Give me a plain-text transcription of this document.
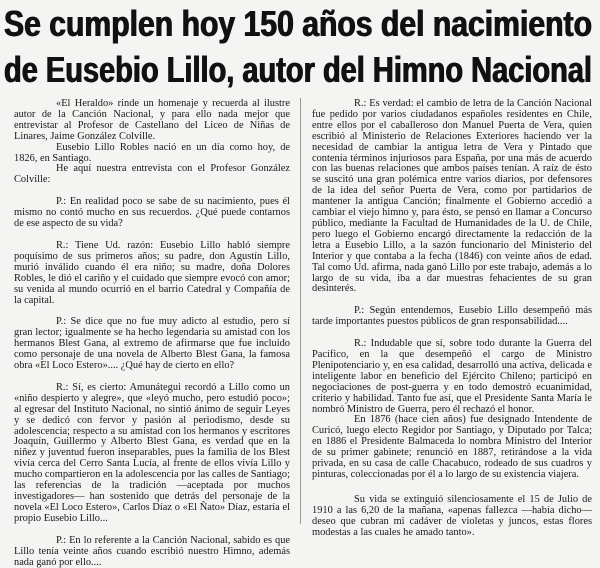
Se cumplen hoy 150 años del nacimiento
de Eusebio Lillo, autor del Himno Nacional

«El Heraldo» rinde un homenaje y recuerda al ilustre autor de la Canción Nacional, y para ello nada mejor que entrevistar al Profesor de Castellano del Liceo de Niñas de Linares, Jaime González Colville.

Eusebio Lillo Robles nació en un día como hoy, de 1826, en Santiago.

He aquí nuestra entrevista con el Profesor González Colville:

P.: En realidad poco se sabe de su nacimiento, pues él mismo no contó mucho en sus recuerdos. ¿Qué puede contarnos de ese aspecto de su vida?

R.: Tiene Ud. razón: Eusebio Lillo habló siempre poquísimo de sus primeros años; su padre, don Agustín Lillo, murió inválido cuando él era niño; su madre, doña Dolores Robles, le dió el cariño y el cuidado que siempre evocó con amor; su venida al mundo ocurrió en el barrio Catedral y Compañía de la capital.

P.: Se dice que no fue muy adicto al estudio, pero sí gran lector; igualmente se ha hecho legendaria su amistad con los hermanos Blest Gana, al extremo de afirmarse que fue incluido como personaje de una novela de Alberto Blest Gana, la famosa obra «El Loco Estero».... ¿Qué hay de cierto en ello?

R.: Sí, es cierto: Amunátegui recordó a Lillo como un «niño despierto y alegre», que «leyó mucho, pero estudió poco»; al egresar del Instituto Nacional, no sintió ánimo de seguir Leyes y se dedicó con fervor y pasión al periodismo, desde su adolescencia; respecto a su amistad con los hermanos y escritores Joaquín, Guillermo y Alberto Blest Gana, es verdad que en la niñez y juventud fueron inseparables, pues la familia de los Blest vivía cerca del Cerro Santa Lucía, al frente de ellos vivía Lillo y mucho compartieron en la adolescencia por las calles de Santiago; las referencias de la tradición —aceptada por muchos investigadores— han sostenido que detrás del personaje de la novela «El Loco Estero», Carlos Díaz o «El Ñato» Díaz, estaría el propio Eusebio Lillo...

P.: En lo referente a la Canción Nacional, sabido es que Lillo tenía veinte años cuando escribió nuestro Himno, además nada ganó por ello....

R.: Es verdad: el cambio de letra de la Canción Nacional fue pedido por varios ciudadanos españoles residentes en Chile, entre ellos por el caballeroso don Manuel Puerta de Vera, quien escribió al Ministerio de Relaciones Exteriores haciendo ver la necesidad de cambiar la antigua letra de Vera y Pintado que contenía términos injuriosos para España, por una más de acuerdo con las buenas relaciones que ambos países tenían. A raíz de ésto se suscitó una gran polémica entre varios diarios, por defensores de la idea del señor Puerta de Vera, como por partidarios de mantener la antigua Canción; finalmente el Gobierno accedió a cambiar el viejo himno y, para ésto, se pensó en llamar a Concurso público, mediante la Facultad de Humanidades de la U. de Chile, pero luego el Gobierno encargó directamente la redacción de la letra a Eusebio Lillo, a la sazón funcionario del Ministerio del Interior y que contaba a la fecha (1846) con veinte años de edad. Tal como Ud. afirma, nada ganó Lillo por este trabajo, además a lo largo de su vida, iba a dar muestras fehacientes de su gran desinterés.

P.: Según entendemos, Eusebio Lillo desempeñó más tarde importantes puestos públicos de gran responsabilidad....

R.: Indudable que sí, sobre todo durante la Guerra del Pacífico, en la que desempeñó el cargo de Ministro Plenipotenciario y, en esa calidad, desarrolló una activa, delicada e inteligente labor en beneficio del Ejército Chileno; participó en negociaciones de post-guerra y en todo demostró ecuanimidad, criterio y habilidad. Tanto fue así, que el Presidente Santa María le nombró Ministro de Guerra, pero él rechazó el honor.

En 1876 (hace cien años) fue designado Intendente de Curicó, luego electo Regidor por Santiago, y Diputado por Talca; en 1886 el Presidente Balmaceda lo nombra Ministro del Interior de su primer gabinete; renunció en 1887, retirándose a la vida privada, en su casa de calle Chacabuco, rodeado de sus cuadros y pinturas, coleccionadas por él a lo largo de su existencia viajera.

Su vida se extinguió silenciosamente el 15 de Julio de 1910 a las 6,20 de la mañana, «apenas fallezca —había dicho— deseo que cubran mi cadáver de violetas y juncos, estas flores modestas a las cuales he amado tanto».
